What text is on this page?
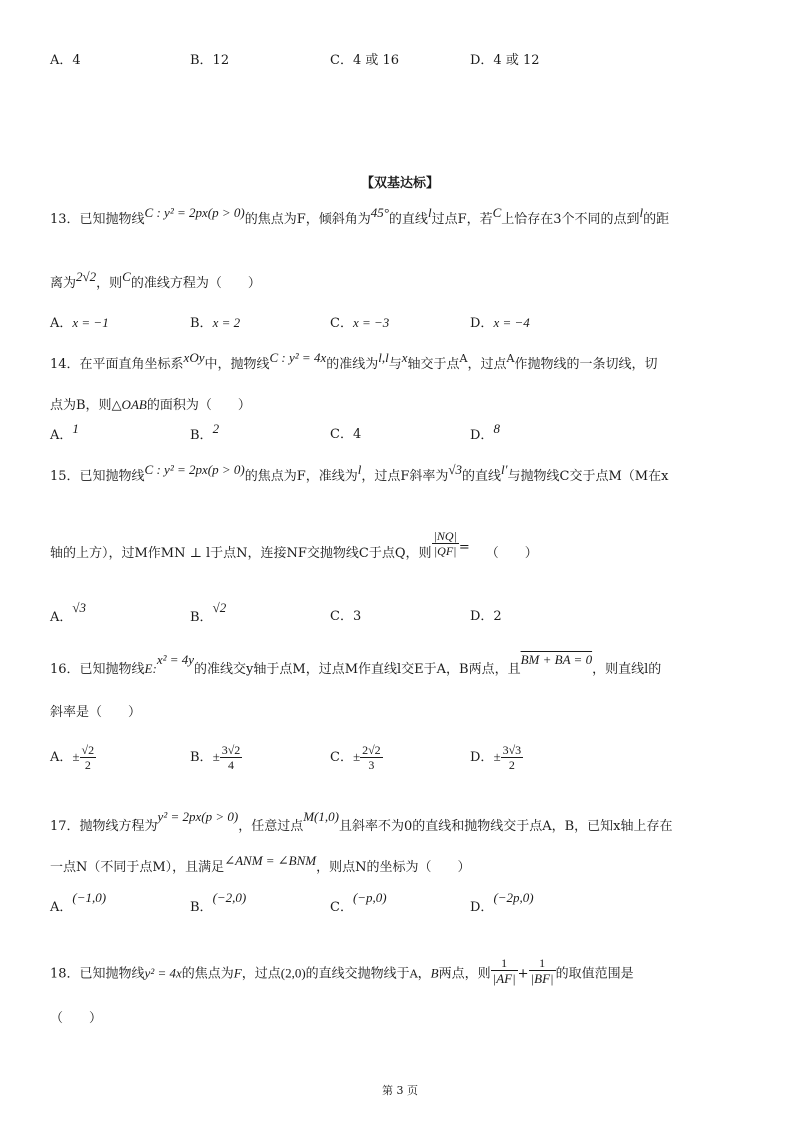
A．4	B．12	C．4 或 16	D．4 或 12
【双基达标】
13．已知抛物线C : y² = 2px(p > 0)的焦点为F，倾斜角为45°的直线l过点F，若C上恰存在3个不同的点到l的距
离为2√2，则C的准线方程为（　　）
A．x = −1	B．x = 2	C．x = −3	D．x = −4
14．在平面直角坐标系xOy中，抛物线C : y² = 4x的准线为l,l与x轴交于点$^A$，过点$^A$作抛物线的一条切线，切
点为B，则△OAB的面积为（　　）
A．1	B．2	C．4	D．8
15．已知抛物线C : y² = 2px(p > 0)的焦点为F，准线为l，过点F斜率为√3的直线l′与抛物线C交于点M（M在x
轴的上方），过M作MN ⊥ l于点N，连接NF交抛物线C于点Q，则 $\frac{|NQ|}{|QF|}$ = （　　）
A．√3
B．√2
C．3	D．2
16．已知抛物线E:x² = 4y的准线交y轴于点M，过点M作直线l交E于A，B两点，且BM + BA = 0，则直线l的
斜率是（　　）
A．± $\frac{√2}{2}$	B．± $\frac{3√2}{4}$	C．± $\frac{2√2}{3}$	D．± $\frac{3√3}{2}$
17．抛物线方程为y² = 2px(p > 0)，任意过点M(1,0)且斜率不为0的直线和抛物线交于点A，B，已知x轴上存在
一点N（不同于点M），且满足∠ANM = ∠BNM，则点N的坐标为（　　）
A．(−1,0)
B．(−2,0)
C．(−p,0)
D．(−2p,0)
18．已知抛物线y² = 4x的焦点为F，过点(2,0)的直线交抛物线于A，B两点，则 $\frac{1}{|AF|} + \frac{1}{|BF|}$ 的取值范围是
（　　）
第 3 页
